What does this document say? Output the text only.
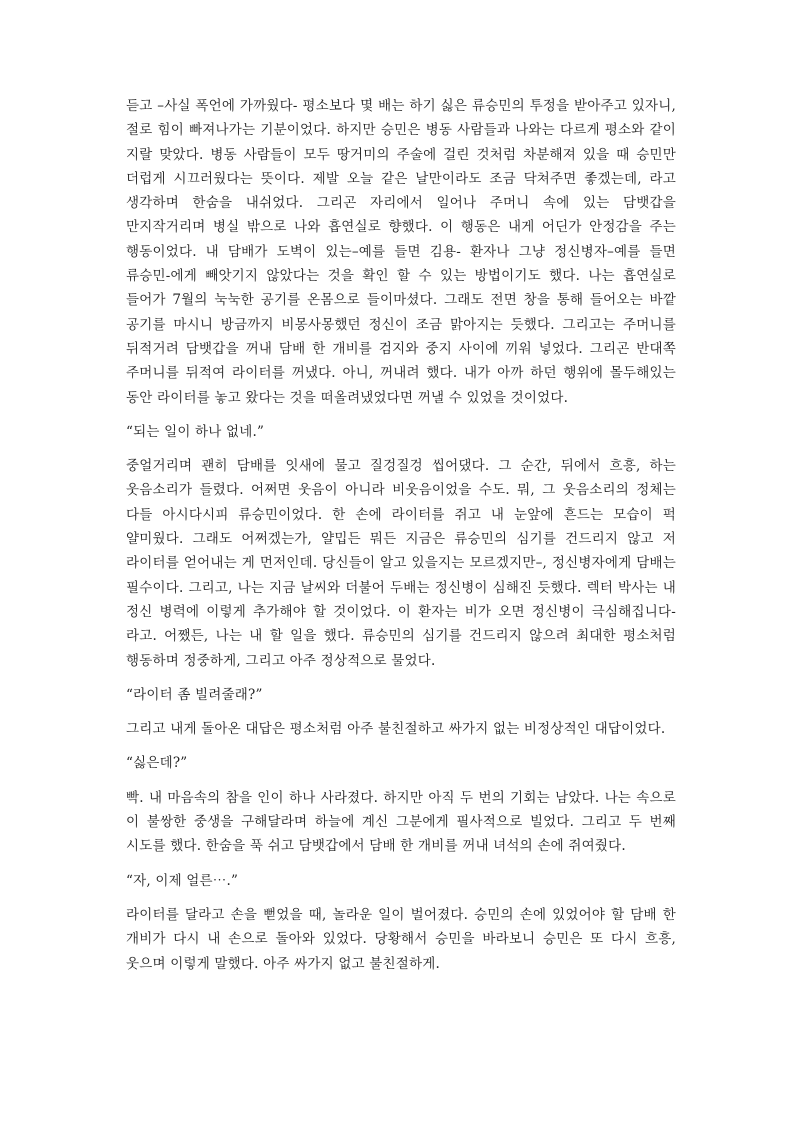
듣고 –사실 폭언에 가까웠다- 평소보다 몇 배는 하기 싫은 류승민의 투정을 받아주고 있자니, 절로 힘이 빠져나가는 기분이었다. 하지만 승민은 병동 사람들과 나와는 다르게 평소와 같이 지랄 맞았다. 병동 사람들이 모두 땅거미의 주술에 걸린 것처럼 차분해져 있을 때 승민만 더럽게 시끄러웠다는 뜻이다. 제발 오늘 같은 날만이라도 조금 닥쳐주면 좋겠는데, 라고 생각하며 한숨을 내쉬었다. 그리곤 자리에서 일어나 주머니 속에 있는 담뱃갑을 만지작거리며 병실 밖으로 나와 흡연실로 향했다. 이 행동은 내게 어딘가 안정감을 주는 행동이었다. 내 담배가 도벽이 있는–예를 들면 김용- 환자나 그냥 정신병자–예를 들면 류승민-에게 빼앗기지 않았다는 것을 확인 할 수 있는 방법이기도 했다. 나는 흡연실로 들어가 7월의 눅눅한 공기를 온몸으로 들이마셨다. 그래도 전면 창을 통해 들어오는 바깥 공기를 마시니 방금까지 비몽사몽했던 정신이 조금 맑아지는 듯했다. 그리고는 주머니를 뒤적거려 담뱃갑을 꺼내 담배 한 개비를 검지와 중지 사이에 끼워 넣었다. 그리곤 반대쪽 주머니를 뒤적여 라이터를 꺼냈다. 아니, 꺼내려 했다. 내가 아까 하던 행위에 몰두해있는 동안 라이터를 놓고 왔다는 것을 떠올려냈었다면 꺼낼 수 있었을 것이었다.

“되는 일이 하나 없네.”

중얼거리며 괜히 담배를 잇새에 물고 질겅질겅 씹어댔다. 그 순간, 뒤에서 흐흥, 하는 웃음소리가 들렸다. 어쩌면 웃음이 아니라 비웃음이었을 수도. 뭐, 그 웃음소리의 정체는 다들 아시다시피 류승민이었다. 한 손에 라이터를 쥐고 내 눈앞에 흔드는 모습이 퍽 얄미웠다. 그래도 어쩌겠는가, 얄밉든 뭐든 지금은 류승민의 심기를 건드리지 않고 저 라이터를 얻어내는 게 먼저인데. 당신들이 알고 있을지는 모르겠지만–, 정신병자에게 담배는 필수이다. 그리고, 나는 지금 날씨와 더불어 두배는 정신병이 심해진 듯했다. 렉터 박사는 내 정신 병력에 이렇게 추가해야 할 것이었다. 이 환자는 비가 오면 정신병이 극심해집니다- 라고. 어쨌든, 나는 내 할 일을 했다. 류승민의 심기를 건드리지 않으려 최대한 평소처럼 행동하며 정중하게, 그리고 아주 정상적으로 물었다.

“라이터 좀 빌려줄래?”

그리고 내게 돌아온 대답은 평소처럼 아주 불친절하고 싸가지 없는 비정상적인 대답이었다.

“싫은데?”

빡. 내 마음속의 참을 인이 하나 사라졌다. 하지만 아직 두 번의 기회는 남았다. 나는 속으로 이 불쌍한 중생을 구해달라며 하늘에 계신 그분에게 필사적으로 빌었다. 그리고 두 번째 시도를 했다. 한숨을 푹 쉬고 담뱃갑에서 담배 한 개비를 꺼내 녀석의 손에 쥐여줬다.

“자, 이제 얼른⋯.”

라이터를 달라고 손을 뻗었을 때, 놀라운 일이 벌어졌다. 승민의 손에 있었어야 할 담배 한 개비가 다시 내 손으로 돌아와 있었다. 당황해서 승민을 바라보니 승민은 또 다시 흐흥, 웃으며 이렇게 말했다. 아주 싸가지 없고 불친절하게.
